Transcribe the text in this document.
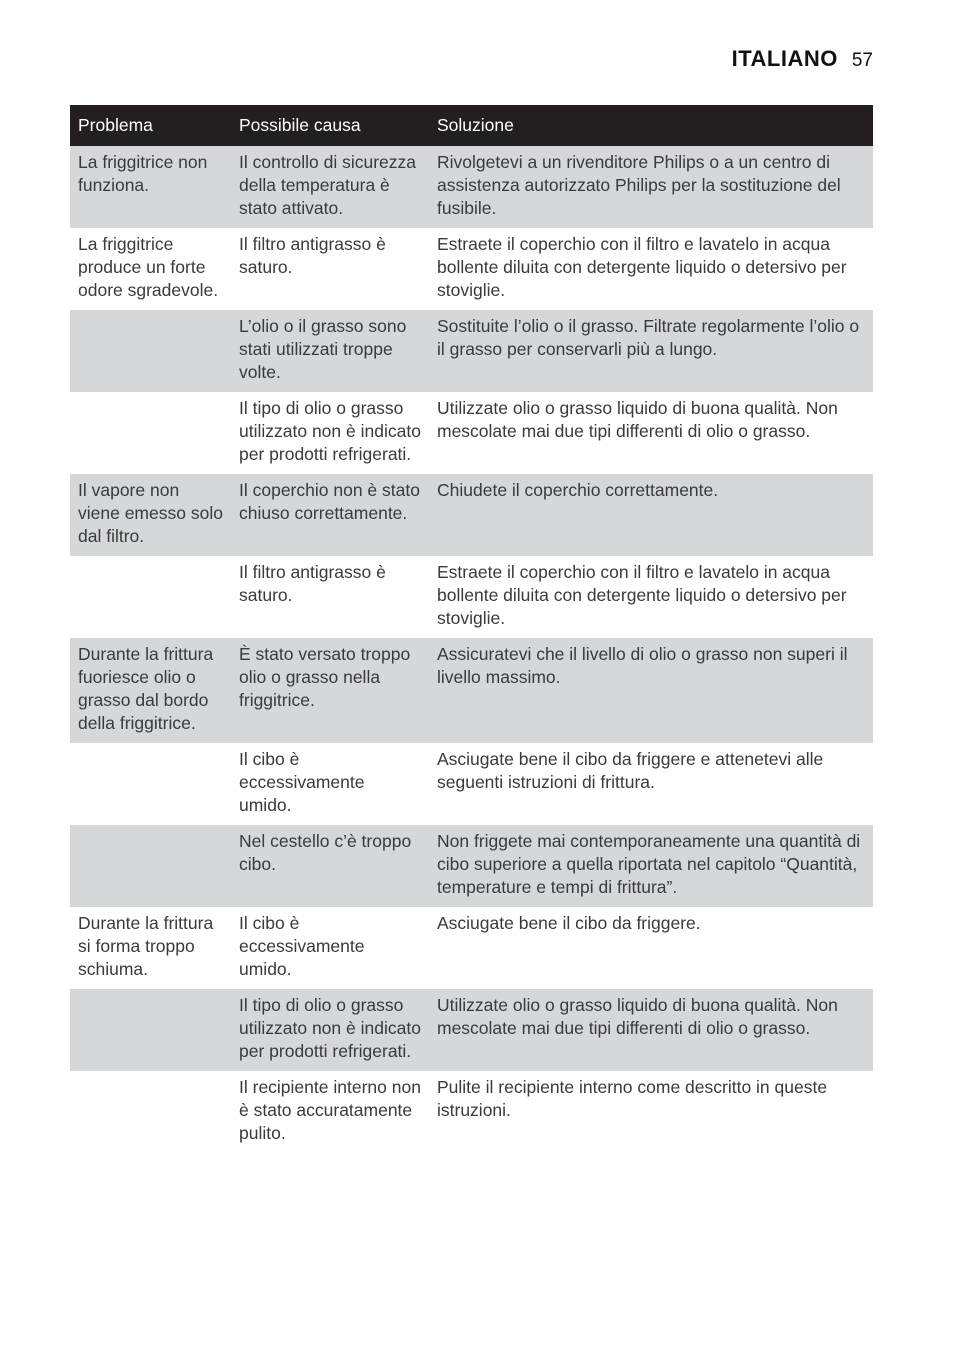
ITALIANO 57
Problema	Possibile causa	Soluzione
La friggitrice non funziona.	Il controllo di sicurezza della temperatura è stato attivato.	Rivolgetevi a un rivenditore Philips o a un centro di assistenza autorizzato Philips per la sostituzione del fusibile.
La friggitrice produce un forte odore sgradevole.	Il filtro antigrasso è saturo.	Estraete il coperchio con il filtro e lavatelo in acqua bollente diluita con detergente liquido o detersivo per stoviglie.
	L’olio o il grasso sono stati utilizzati troppe volte.	Sostituite l’olio o il grasso. Filtrate regolarmente l’olio o il grasso per conservarli più a lungo.
	Il tipo di olio o grasso utilizzato non è indicato per prodotti refrigerati.	Utilizzate olio o grasso liquido di buona qualità. Non mescolate mai due tipi differenti di olio o grasso.
Il vapore non viene emesso solo dal filtro.	Il coperchio non è stato chiuso correttamente.	Chiudete il coperchio correttamente.
	Il filtro antigrasso è saturo.	Estraete il coperchio con il filtro e lavatelo in acqua bollente diluita con detergente liquido o detersivo per stoviglie.
Durante la frittura fuoriesce olio o grasso dal bordo della friggitrice.	È stato versato troppo olio o grasso nella friggitrice.	Assicuratevi che il livello di olio o grasso non superi il livello massimo.
	Il cibo è eccessivamente umido.	Asciugate bene il cibo da friggere e attenetevi alle seguenti istruzioni di frittura.
	Nel cestello c’è troppo cibo.	Non friggete mai contemporaneamente una quantità di cibo superiore a quella riportata nel capitolo “Quantità, temperature e tempi di frittura”.
Durante la frittura si forma troppo schiuma.	Il cibo è eccessivamente umido.	Asciugate bene il cibo da friggere.
	Il tipo di olio o grasso utilizzato non è indicato per prodotti refrigerati.	Utilizzate olio o grasso liquido di buona qualità. Non mescolate mai due tipi differenti di olio o grasso.
	Il recipiente interno non è stato accuratamente pulito.	Pulite il recipiente interno come descritto in queste istruzioni.
